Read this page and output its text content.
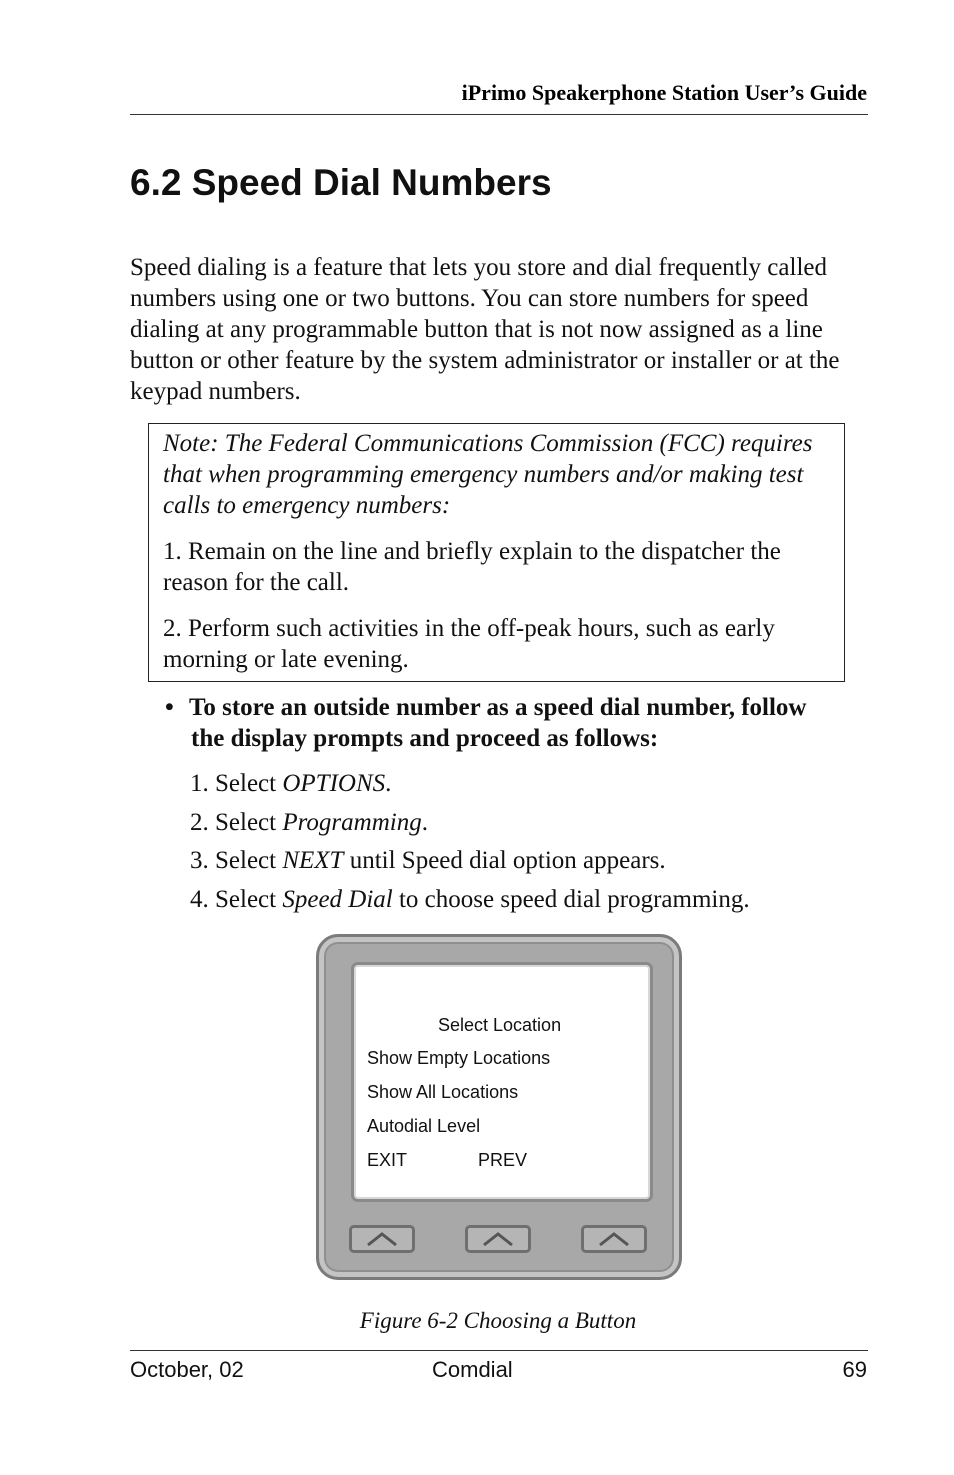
iPrimo Speakerphone Station User’s Guide
6.2 Speed Dial Numbers

Speed dialing is a feature that lets you store and dial frequently called numbers using one or two buttons. You can store numbers for speed dialing at any programmable button that is not now assigned as a line button or other feature by the system administrator or installer or at the keypad numbers.

Note: The Federal Communications Commission (FCC) requires that when programming emergency numbers and/or making test calls to emergency numbers:

1. Remain on the line and briefly explain to the dispatcher the reason for the call.

2. Perform such activities in the off-peak hours, such as early morning or late evening.

• To store an outside number as a speed dial number, follow
the display prompts and proceed as follows:

1. Select OPTIONS.
2. Select Programming.
3. Select NEXT until Speed dial option appears.
4. Select Speed Dial to choose speed dial programming.
Select Location
Show Empty Locations
Show All Locations
Autodial Level
EXIT	PREV
Figure 6-2 Choosing a Button
October, 02	Comdial	69
